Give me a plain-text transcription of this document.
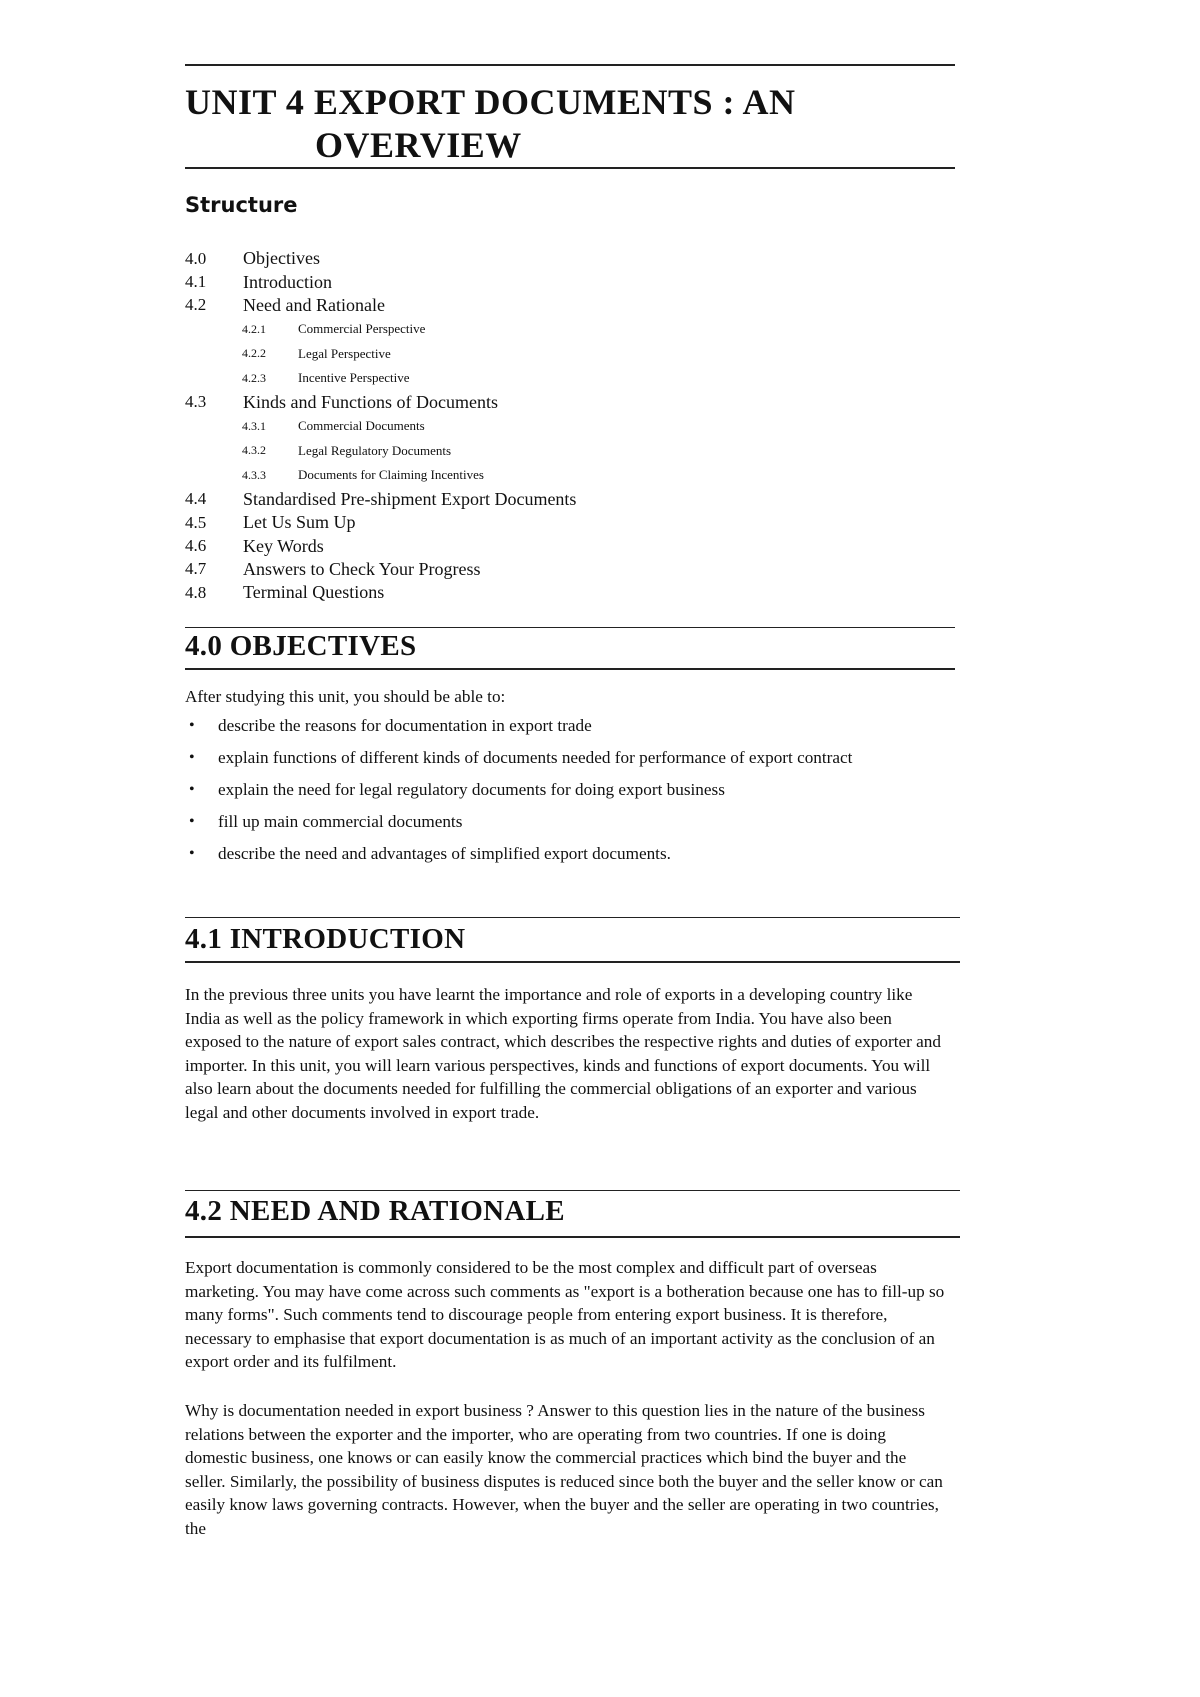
UNIT 4 EXPORT DOCUMENTS : AN
OVERVIEW
Structure
4.0	Objectives
4.1	Introduction
4.2	Need and Rationale
4.2.1	Commercial Perspective
4.2.2	Legal Perspective
4.2.3	Incentive Perspective
4.3	Kinds and Functions of Documents
4.3.1	Commercial Documents
4.3.2	Legal Regulatory Documents
4.3.3	Documents for Claiming Incentives
4.4	Standardised Pre-shipment Export Documents
4.5	Let Us Sum Up
4.6	Key Words
4.7	Answers to Check Your Progress
4.8	Terminal Questions
4.0 OBJECTIVES
After studying this unit, you should be able to:
• describe the reasons for documentation in export trade
• explain functions of different kinds of documents needed for performance of export contract
• explain the need for legal regulatory documents for doing export business
• fill up main commercial documents
• describe the need and advantages of simplified export documents.
4.1 INTRODUCTION
In the previous three units you have learnt the importance and role of exports in a developing country like India as well as the policy framework in which exporting firms operate from India. You have also been exposed to the nature of export sales contract, which describes the respective rights and duties of exporter and importer. In this unit, you will learn various perspectives, kinds and functions of export documents. You will also learn about the documents needed for fulfilling the commercial obligations of an exporter and various legal and other documents involved in export trade.
4.2 NEED AND RATIONALE
Export documentation is commonly considered to be the most complex and difficult part of overseas marketing. You may have come across such comments as "export is a botheration because one has to fill-up so many forms". Such comments tend to discourage people from entering export business. It is therefore, necessary to emphasise that export documentation is as much of an important activity as the conclusion of an export order and its fulfilment.
Why is documentation needed in export business ? Answer to this question lies in the nature of the business relations between the exporter and the importer, who are operating from two countries. If one is doing domestic business, one knows or can easily know the commercial practices which bind the buyer and the seller. Similarly, the possibility of business disputes is reduced since both the buyer and the seller know or can easily know laws governing contracts. However, when the buyer and the seller are operating in two countries, the
